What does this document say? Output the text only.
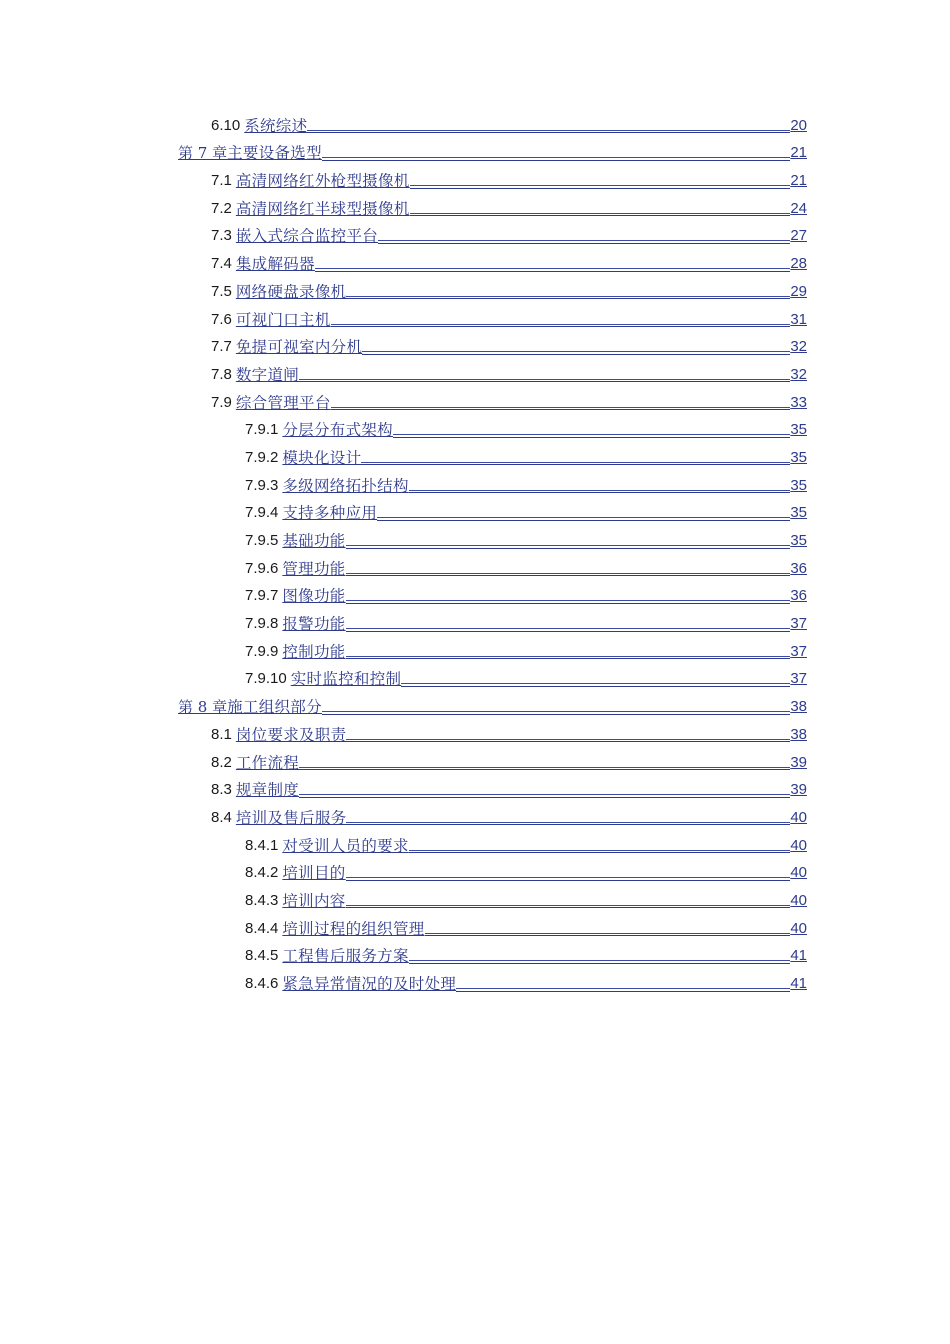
6.10 系统综述	20
第 7 章 主要设备选型	21
7.1 高清网络红外枪型摄像机	21
7.2 高清网络红半球型摄像机	24
7.3 嵌入式综合监控平台	27
7.4 集成解码器	28
7.5 网络硬盘录像机	29
7.6 可视门口主机	31
7.7 免提可视室内分机	32
7.8 数字道闸	32
7.9 综合管理平台	33
7.9.1 分层分布式架构	35
7.9.2 模块化设计	35
7.9.3 多级网络拓扑结构	35
7.9.4 支持多种应用	35
7.9.5 基础功能	35
7.9.6 管理功能	36
7.9.7 图像功能	36
7.9.8 报警功能	37
7.9.9 控制功能	37
7.9.10 实时监控和控制	37
第 8 章 施工组织部分	38
8.1 岗位要求及职责	38
8.2 工作流程	39
8.3 规章制度	39
8.4 培训及售后服务	40
8.4.1 对受训人员的要求	40
8.4.2 培训目的	40
8.4.3 培训内容	40
8.4.4 培训过程的组织管理	40
8.4.5 工程售后服务方案	41
8.4.6 紧急异常情况的及时处理	41
